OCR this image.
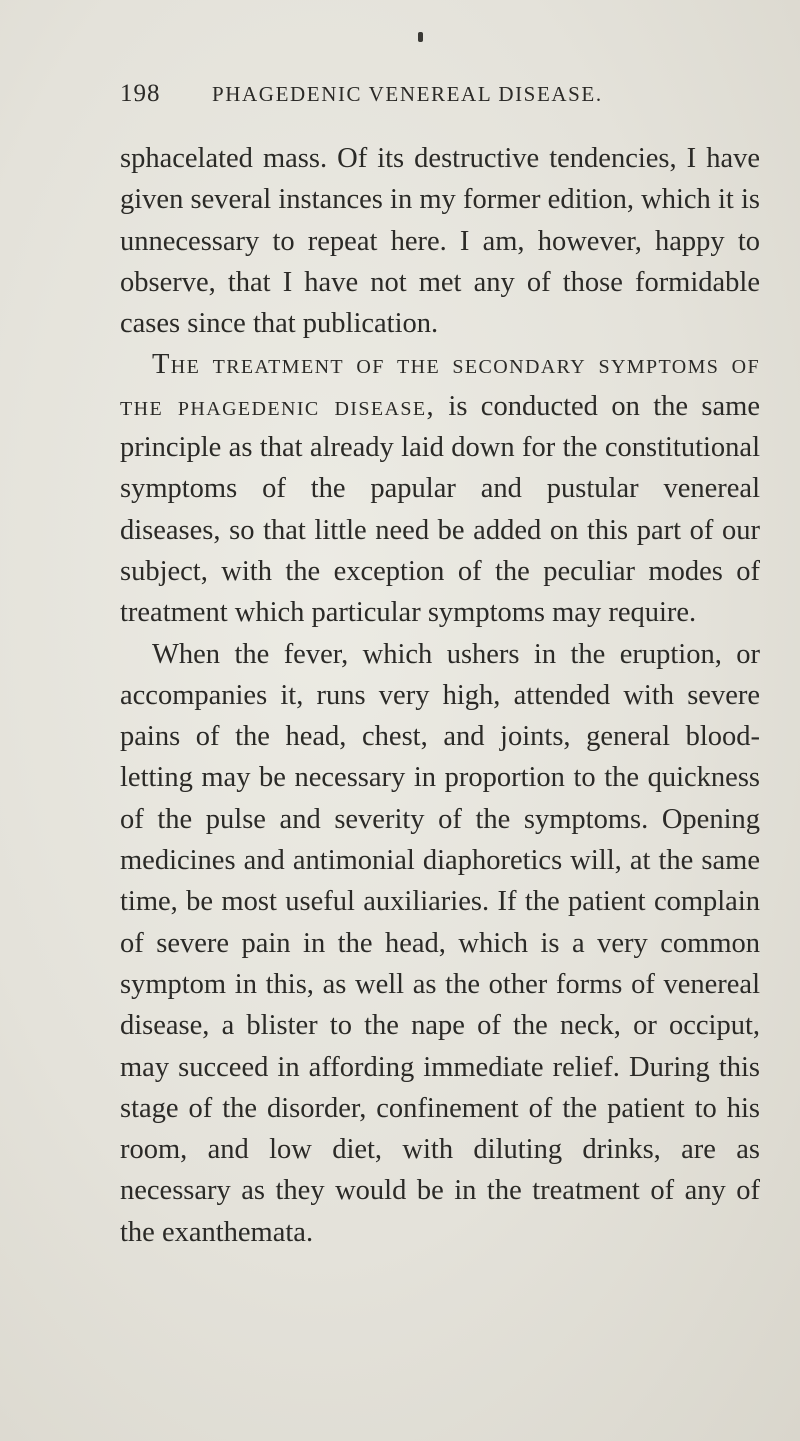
198 PHAGEDENIC VENEREAL DISEASE.

sphacelated mass. Of its destructive tendencies, I have given several instances in my former edition, which it is unnecessary to repeat here. I am, however, happy to observe, that I have not met any of those formidable cases since that publication.

The treatment of the secondary symptoms of the phagedenic disease, is conducted on the same principle as that already laid down for the constitutional symptoms of the papular and pustular venereal diseases, so that little need be added on this part of our subject, with the exception of the peculiar modes of treatment which particular symptoms may require.

When the fever, which ushers in the eruption, or accompanies it, runs very high, attended with severe pains of the head, chest, and joints, general blood-letting may be necessary in proportion to the quickness of the pulse and severity of the symptoms. Opening medicines and antimonial diaphoretics will, at the same time, be most useful auxiliaries. If the patient complain of severe pain in the head, which is a very common symptom in this, as well as the other forms of venereal disease, a blister to the nape of the neck, or occiput, may succeed in affording immediate relief. During this stage of the disorder, confinement of the patient to his room, and low diet, with diluting drinks, are as necessary as they would be in the treatment of any of the exanthemata.
